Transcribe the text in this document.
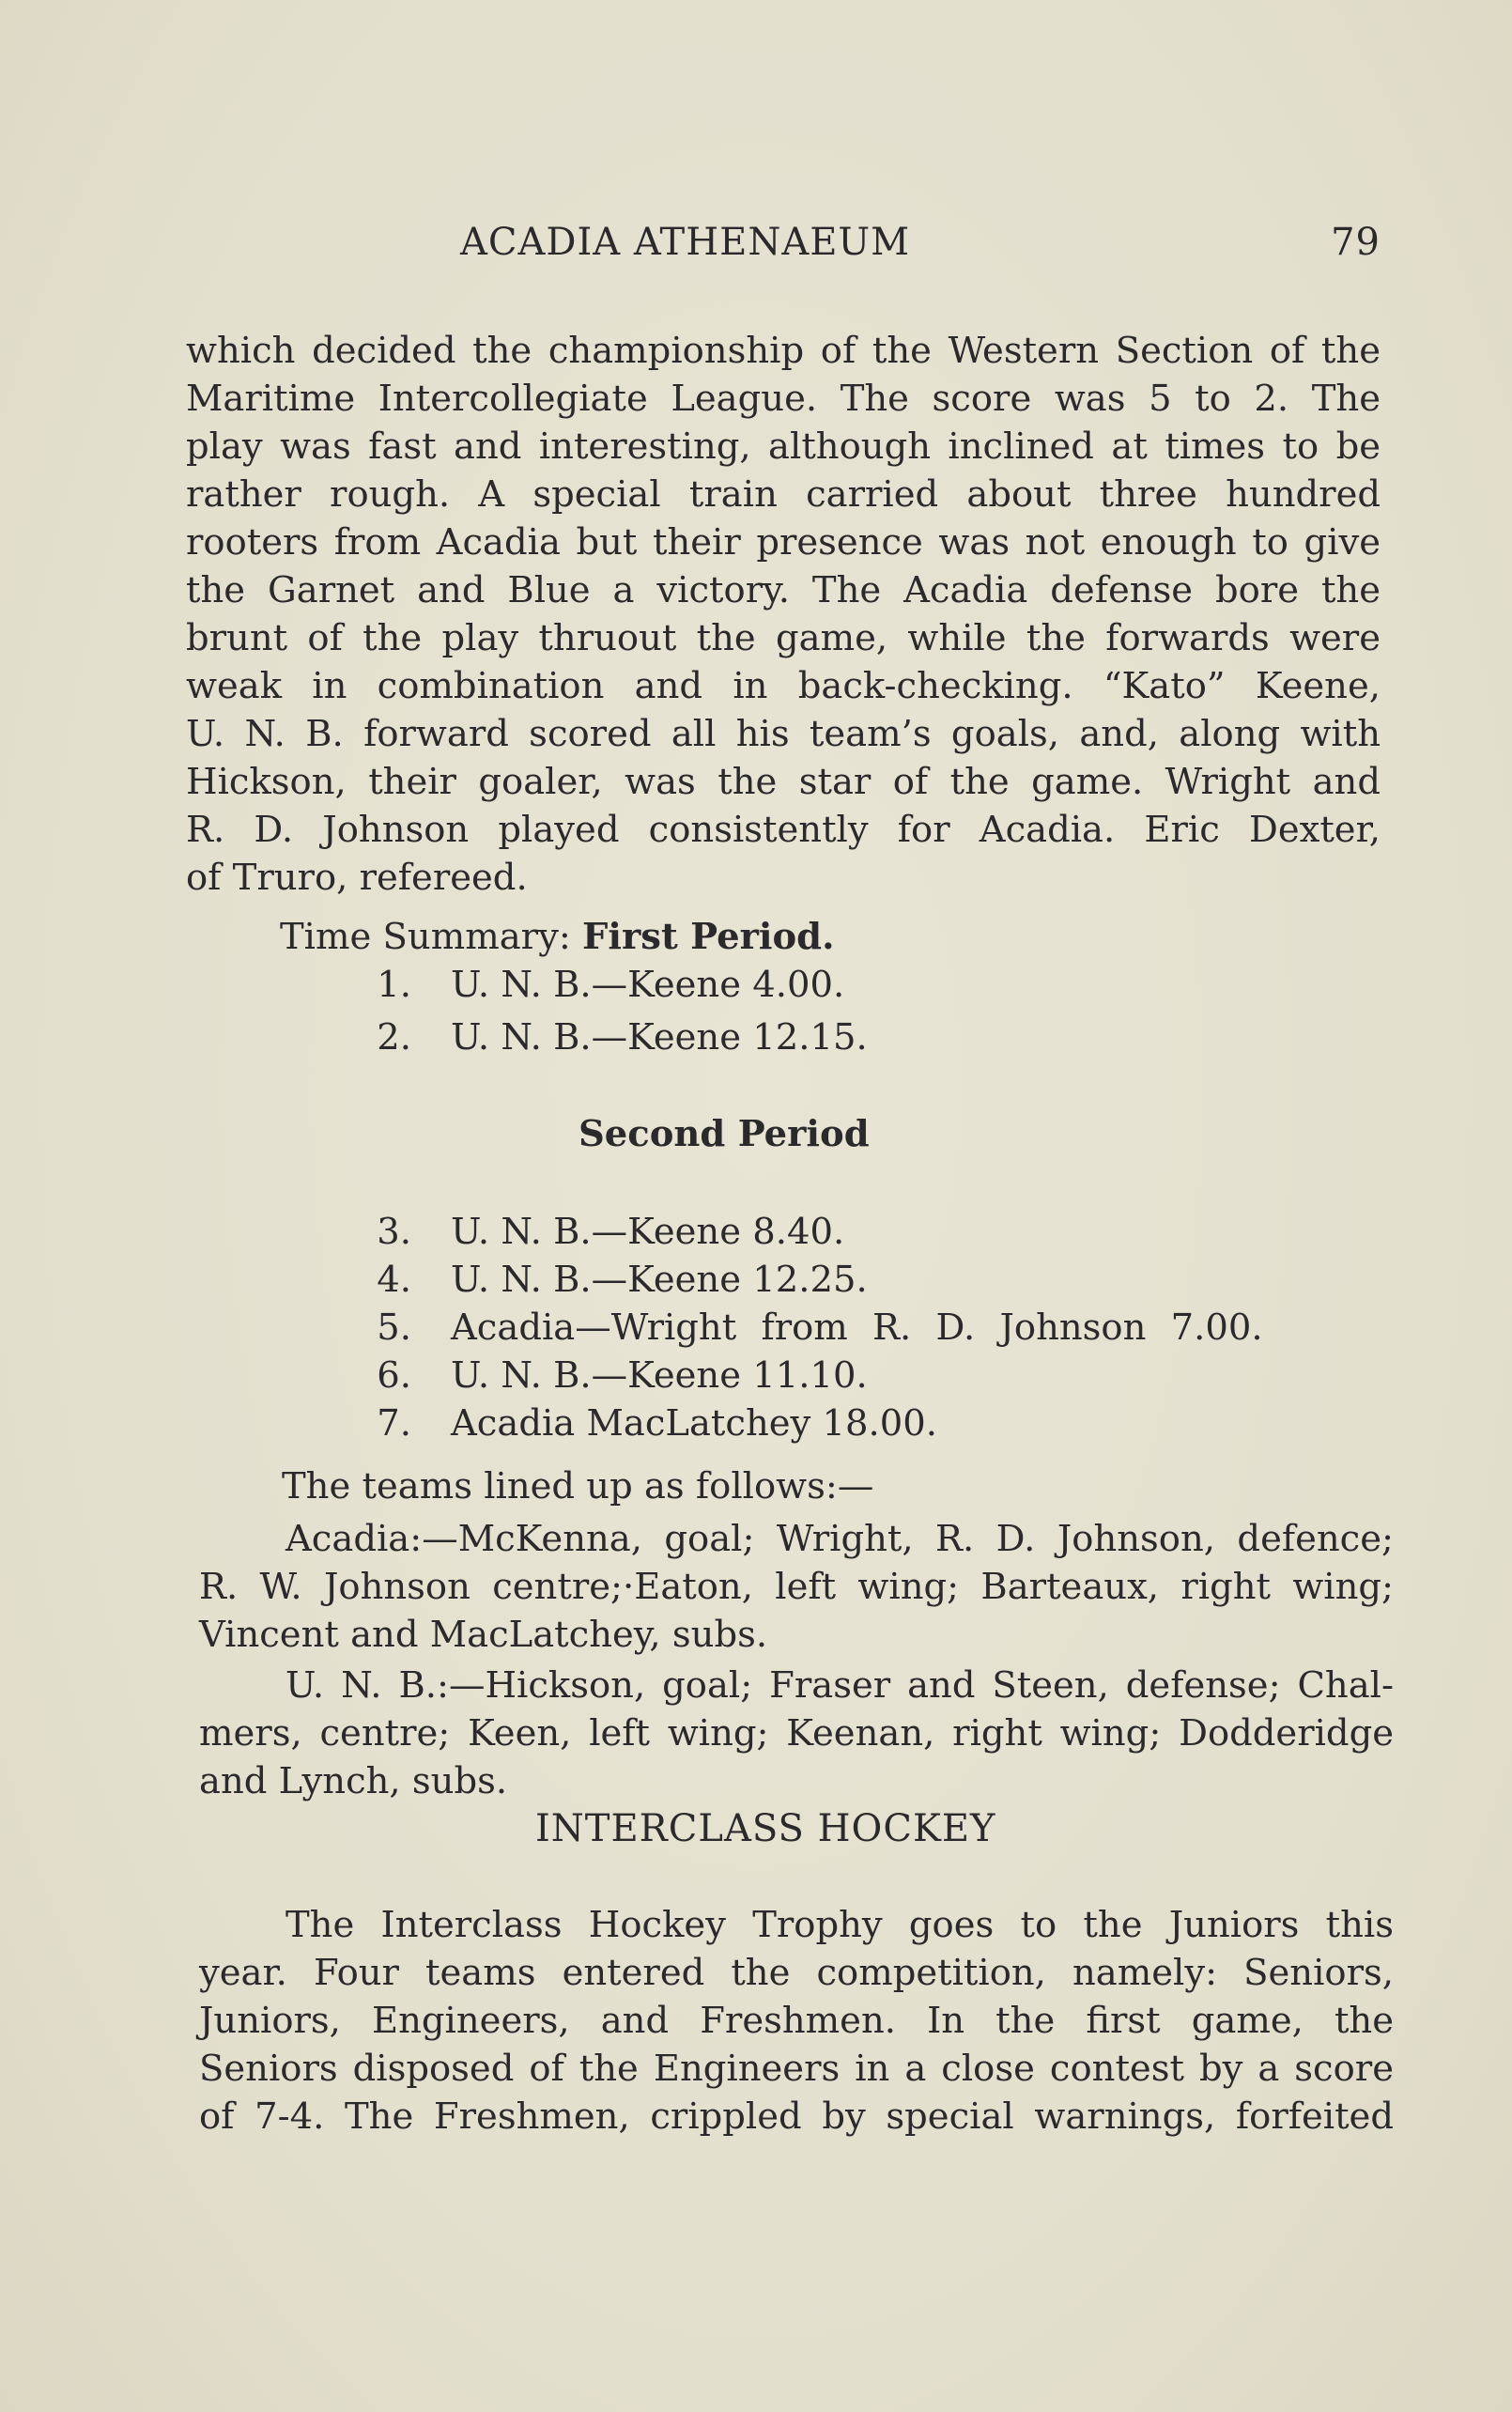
ACADIA ATHENAEUM	79
which decided the championship of the Western Section of the
Maritime Intercollegiate League. The score was 5 to 2. The
play was fast and interesting, although inclined at times to be
rather rough. A special train carried about three hundred
rooters from Acadia but their presence was not enough to give
the Garnet and Blue a victory. The Acadia defense bore the
brunt of the play thruout the game, while the forwards were
weak in combination and in back-checking. “Kato” Keene,
U. N. B. forward scored all his team’s goals, and, along with
Hickson, their goaler, was the star of the game. Wright and
R. D. Johnson played consistently for Acadia. Eric Dexter,
of Truro, refereed.
Time Summary: First Period.
1. U. N. B.—Keene 4.00.
2. U. N. B.—Keene 12.15.
Second Period
3. U. N. B.—Keene 8.40.
4. U. N. B.—Keene 12.25.
5. Acadia—Wright from R. D. Johnson 7.00.
6. U. N. B.—Keene 11.10.
7. Acadia MacLatchey 18.00.
The teams lined up as follows:—
Acadia:—McKenna, goal; Wright, R. D. Johnson, defence;
R. W. Johnson centre;·Eaton, left wing; Barteaux, right wing;
Vincent and MacLatchey, subs.
U. N. B.:—Hickson, goal; Fraser and Steen, defense; Chal-
mers, centre; Keen, left wing; Keenan, right wing; Dodderidge
and Lynch, subs.
INTERCLASS HOCKEY
The Interclass Hockey Trophy goes to the Juniors this
year. Four teams entered the competition, namely: Seniors,
Juniors, Engineers, and Freshmen. In the first game, the
Seniors disposed of the Engineers in a close contest by a score
of 7-4. The Freshmen, crippled by special warnings, forfeited
